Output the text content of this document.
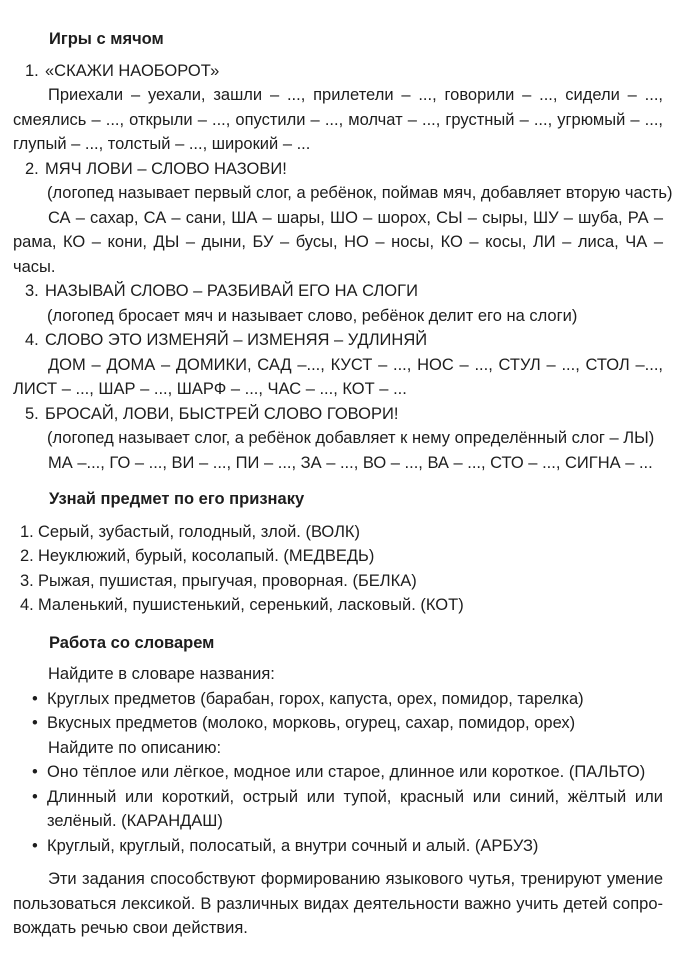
Игры с мячом
1. «СКАЖИ НАОБОРОТ»

Приехали – уехали, зашли – ..., прилетели – ..., говорили – ..., сидели – ..., смеялись – ..., открыли – ..., опустили – ..., молчат – ..., грустный – ..., угрюмый – ..., глупый – ..., толстый – ..., широкий – ...

2. МЯЧ ЛОВИ – СЛОВО НАЗОВИ!

(логопед называет первый слог, а ребёнок, поймав мяч, добавляет вторую часть)

СА – сахар, СА – сани, ША – шары, ШО – шорох, СЫ – сыры, ШУ – шуба, РА – рама, КО – кони, ДЫ – дыни, БУ – бусы, НО – носы, КО – косы, ЛИ – лиса, ЧА – часы.

3. НАЗЫВАЙ СЛОВО – РАЗБИВАЙ ЕГО НА СЛОГИ

(логопед бросает мяч и называет слово, ребёнок делит его на слоги)

4. СЛОВО ЭТО ИЗМЕНЯЙ – ИЗМЕНЯЯ – УДЛИНЯЙ

ДОМ – ДОМА – ДОМИКИ, САД –..., КУСТ – ..., НОС – ..., СТУЛ – ..., СТОЛ –..., ЛИСТ – ..., ШАР – ..., ШАРФ – ..., ЧАС – ..., КОТ – ...

5. БРОСАЙ, ЛОВИ, БЫСТРЕЙ СЛОВО ГОВОРИ!

(логопед называет слог, а ребёнок добавляет к нему определённый слог – ЛЫ)

МА –..., ГО – ..., ВИ – ..., ПИ – ..., ЗА – ..., ВО – ..., ВА – ..., СТО – ..., СИГНА – ...

Узнай предмет по его признаку
1. Серый, зубастый, голодный, злой. (ВОЛК)
2. Неуклюжий, бурый, косолапый. (МЕДВЕДЬ)
3. Рыжая, пушистая, прыгучая, проворная. (БЕЛКА)
4. Маленький, пушистенький, серенький, ласковый. (КОТ)
Работа со словарем

Найдите в словаре названия:

• Круглых предметов (барабан, горох, капуста, орех, помидор, тарелка)
• Вкусных предметов (молоко, морковь, огурец, сахар, помидор, орех)

Найдите по описанию:

• Оно тёплое или лёгкое, модное или старое, длинное или короткое. (ПАЛЬТО)
• Длинный или короткий, острый или тупой, красный или синий, жёлтый или зелёный. (КАРАНДАШ)
• Круглый, круглый, полосатый, а внутри сочный и алый. (АРБУЗ)

Эти задания способствуют формированию языкового чутья, тренируют умение пользоваться лексикой. В различных видах деятельности важно учить детей сопровождать речью свои действия.
